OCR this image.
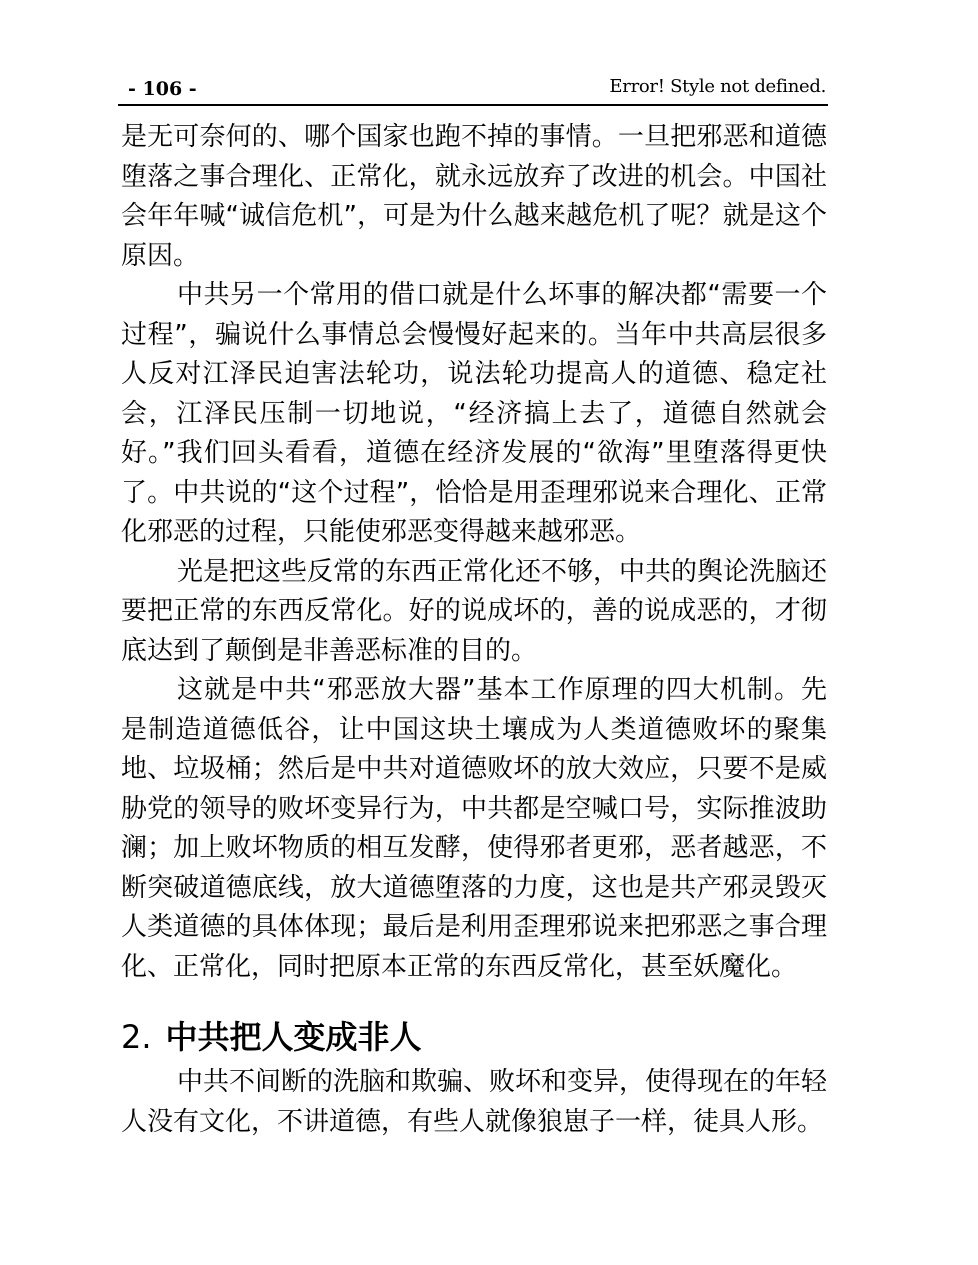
- 106 -	Error! Style not defined.

是无可奈何的、哪个国家也跑不掉的事情。一旦把邪恶和道德堕落之事合理化、正常化，就永远放弃了改进的机会。中国社会年年喊“诚信危机”，可是为什么越来越危机了呢？就是这个原因。

中共另一个常用的借口就是什么坏事的解决都“需要一个过程”，骗说什么事情总会慢慢好起来的。当年中共高层很多人反对江泽民迫害法轮功，说法轮功提高人的道德、稳定社会，江泽民压制一切地说，“经济搞上去了，道德自然就会好。”我们回头看看，道德在经济发展的“欲海”里堕落得更快了。中共说的“这个过程”，恰恰是用歪理邪说来合理化、正常化邪恶的过程，只能使邪恶变得越来越邪恶。

光是把这些反常的东西正常化还不够，中共的舆论洗脑还要把正常的东西反常化。好的说成坏的，善的说成恶的，才彻底达到了颠倒是非善恶标准的目的。

这就是中共“邪恶放大器”基本工作原理的四大机制。先是制造道德低谷，让中国这块土壤成为人类道德败坏的聚集地、垃圾桶；然后是中共对道德败坏的放大效应，只要不是威胁党的领导的败坏变异行为，中共都是空喊口号，实际推波助澜；加上败坏物质的相互发酵，使得邪者更邪，恶者越恶，不断突破道德底线，放大道德堕落的力度，这也是共产邪灵毁灭人类道德的具体体现；最后是利用歪理邪说来把邪恶之事合理化、正常化，同时把原本正常的东西反常化，甚至妖魔化。

2. 中共把人变成非人

中共不间断的洗脑和欺骗、败坏和变异，使得现在的年轻人没有文化，不讲道德，有些人就像狼崽子一样，徒具人形。
